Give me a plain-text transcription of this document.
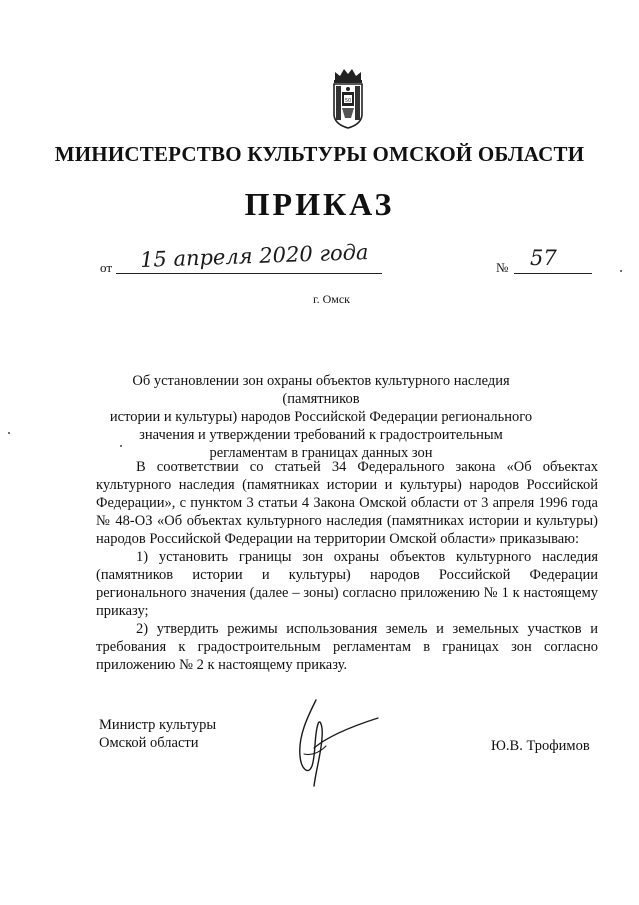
50
МИНИСТЕРСТВО КУЛЬТУРЫ ОМСКОЙ ОБЛАСТИ
ПРИКАЗ
от 15 апреля 2020 года	№ 57
г. Омск
Об установлении зон охраны объектов культурного наследия (памятников
истории и культуры) народов Российской Федерации регионального
значения и утверждении требований к градостроительным
регламентам в границах данных зон

В соответствии со статьей 34 Федерального закона «Об объектах культурного наследия (памятниках истории и культуры) народов Российской Федерации», с пунктом 3 статьи 4 Закона Омской области от 3 апреля 1996 года № 48-ОЗ «Об объектах культурного наследия (памятниках истории и культуры) народов Российской Федерации на территории Омской области» приказываю:

1) установить границы зон охраны объектов культурного наследия (памятников истории и культуры) народов Российской Федерации регионального значения (далее – зоны) согласно приложению № 1 к настоящему приказу;

2) утвердить режимы использования земель и земельных участков и требования к градостроительным регламентам в границах зон согласно приложению № 2 к настоящему приказу.

Министр культуры
Омской области	Ю.В. Трофимов
